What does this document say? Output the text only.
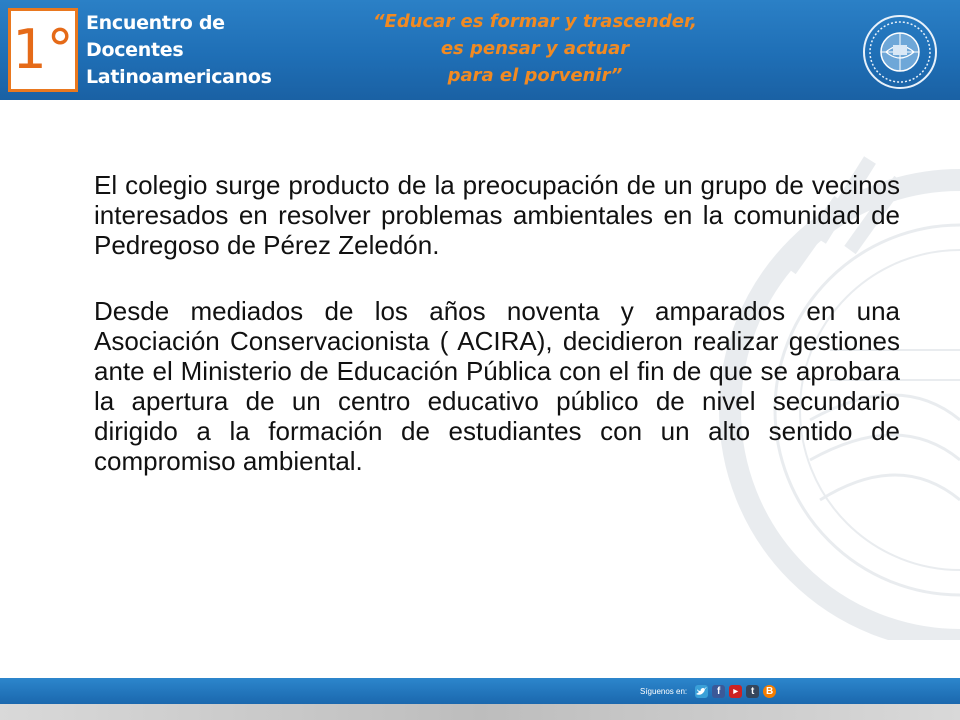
1° Encuentro de
Docentes
Latinoamericanos
“Educar es formar y trascender,
es pensar y actuar
para el porvenir”

El colegio surge producto de la preocupación de un grupo de vecinos interesados en resolver problemas ambientales en la comunidad de Pedregoso de Pérez Zeledón.

Desde mediados de los años noventa y amparados en una Asociación Conservacionista ( ACIRA), decidieron realizar gestiones ante el Ministerio de Educación Pública con el fin de que se aprobara la apertura de un centro educativo público de nivel secundario dirigido a la formación de estudiantes con un alto sentido de compromiso ambiental.

Síguenos en:	f	▶	t	B
